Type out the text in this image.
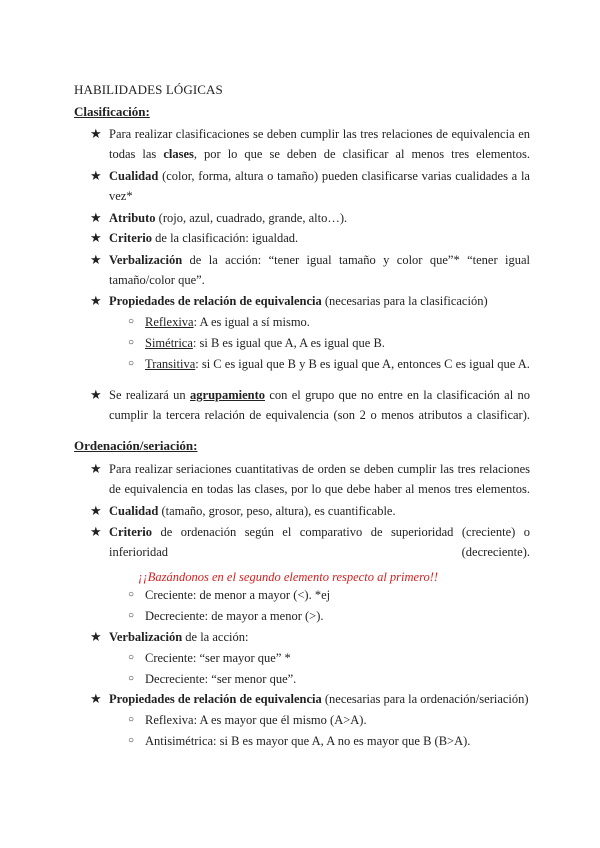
HABILIDADES LÓGICAS
Clasificación:
★ Para realizar clasificaciones se deben cumplir las tres relaciones de equivalencia en todas las clases, por lo que se deben de clasificar al menos tres elementos.
★ Cualidad (color, forma, altura o tamaño) pueden clasificarse varias cualidades a la vez*
★ Atributo (rojo, azul, cuadrado, grande, alto…).
★ Criterio de la clasificación: igualdad.
★ Verbalización de la acción: “tener igual tamaño y color que”* “tener igual tamaño/color que”.
★ Propiedades de relación de equivalencia (necesarias para la clasificación)
○ Reflexiva: A es igual a sí mismo.
○ Simétrica: si B es igual que A, A es igual que B.
○ Transitiva: si C es igual que B y B es igual que A, entonces C es igual que A.
★ Se realizará un agrupamiento con el grupo que no entre en la clasificación al no cumplir la tercera relación de equivalencia (son 2 o menos atributos a clasificar).
Ordenación/seriación:
★ Para realizar seriaciones cuantitativas de orden se deben cumplir las tres relaciones de equivalencia en todas las clases, por lo que debe haber al menos tres elementos.
★ Cualidad (tamaño, grosor, peso, altura), es cuantificable.
★ Criterio de ordenación según el comparativo de superioridad (creciente) o inferioridad (decreciente).
¡¡Bazándonos en el segundo elemento respecto al primero!!
○ Creciente: de menor a mayor (<). *ej
○ Decreciente: de mayor a menor (>).
★ Verbalización de la acción:
○ Creciente: “ser mayor que” *
○ Decreciente: “ser menor que”.
★ Propiedades de relación de equivalencia (necesarias para la ordenación/seriación)
○ Reflexiva: A es mayor que él mismo (A>A).
○ Antisimétrica: si B es mayor que A, A no es mayor que B (B>A).
